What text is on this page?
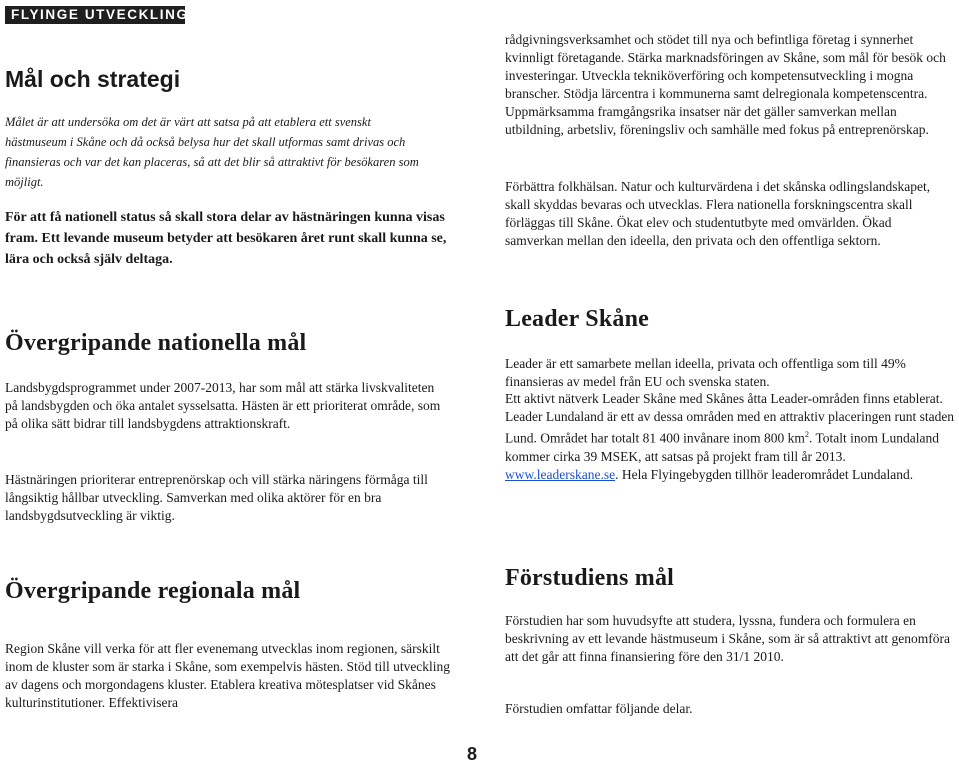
FLYINGE UTVECKLING
Mål och strategi

Målet är att undersöka om det är värt att satsa på att etablera ett svenskt hästmuseum i Skåne och då också belysa hur det skall utformas samt drivas och finansieras och var det kan placeras, så att det blir så attraktivt för besökaren som möjligt.

För att få nationell status så skall stora delar av hästnäringen kunna visas fram. Ett levande museum betyder att besökaren året runt skall kunna se, lära och också själv deltaga.

Övergripande nationella mål

Landsbygdsprogrammet under 2007-2013, har som mål att stärka livskvaliteten på landsbygden och öka antalet sysselsatta. Hästen är ett prioriterat område, som på olika sätt bidrar till landsbygdens attraktionskraft.

Hästnäringen prioriterar entreprenörskap och vill stärka näringens förmåga till långsiktig hållbar utveckling. Samverkan med olika aktörer för en bra landsbygdsutveckling är viktig.

Övergripande regionala mål

Region Skåne vill verka för att fler evenemang utvecklas inom regionen, särskilt inom de kluster som är starka i Skåne, som exempelvis hästen. Stöd till utveckling av dagens och morgondagens kluster. Etablera kreativa mötesplatser vid Skånes kulturinstitutioner. Effektivisera

rådgivningsverksamhet och stödet till nya och befintliga företag i synnerhet kvinnligt företagande. Stärka marknadsföringen av Skåne, som mål för besök och investeringar. Utveckla tekniköverföring och kompetensutveckling i mogna branscher. Stödja lärcentra i kommunerna samt delregionala kompetenscentra. Uppmärksamma framgångsrika insatser när det gäller samverkan mellan utbildning, arbetsliv, föreningsliv och samhälle med fokus på entreprenörskap.

Förbättra folkhälsan. Natur och kulturvärdena i det skånska odlingslandskapet, skall skyddas bevaras och utvecklas. Flera nationella forskningscentra skall förläggas till Skåne. Ökat elev och studentutbyte med omvärlden. Ökad samverkan mellan den ideella, den privata och den offentliga sektorn.

Leader Skåne

Leader är ett samarbete mellan ideella, privata och offentliga som till 49% finansieras av medel från EU och svenska staten.

Ett aktivt nätverk Leader Skåne med Skånes åtta Leader-områden finns etablerat. Leader Lundaland är ett av dessa områden med en attraktiv placeringen runt staden Lund. Området har totalt 81 400 invånare inom 800 $km^2$. Totalt inom Lundaland kommer cirka 39 MSEK, att satsas på projekt fram till år 2013. www.leaderskane.se. Hela Flyingebygden tillhör leaderområdet Lundaland.

Förstudiens mål

Förstudien har som huvudsyfte att studera, lyssna, fundera och formulera en beskrivning av ett levande hästmuseum i Skåne, som är så attraktivt att genomföra att det går att finna finansiering före den 31/1 2010.

Förstudien omfattar följande delar.

8
